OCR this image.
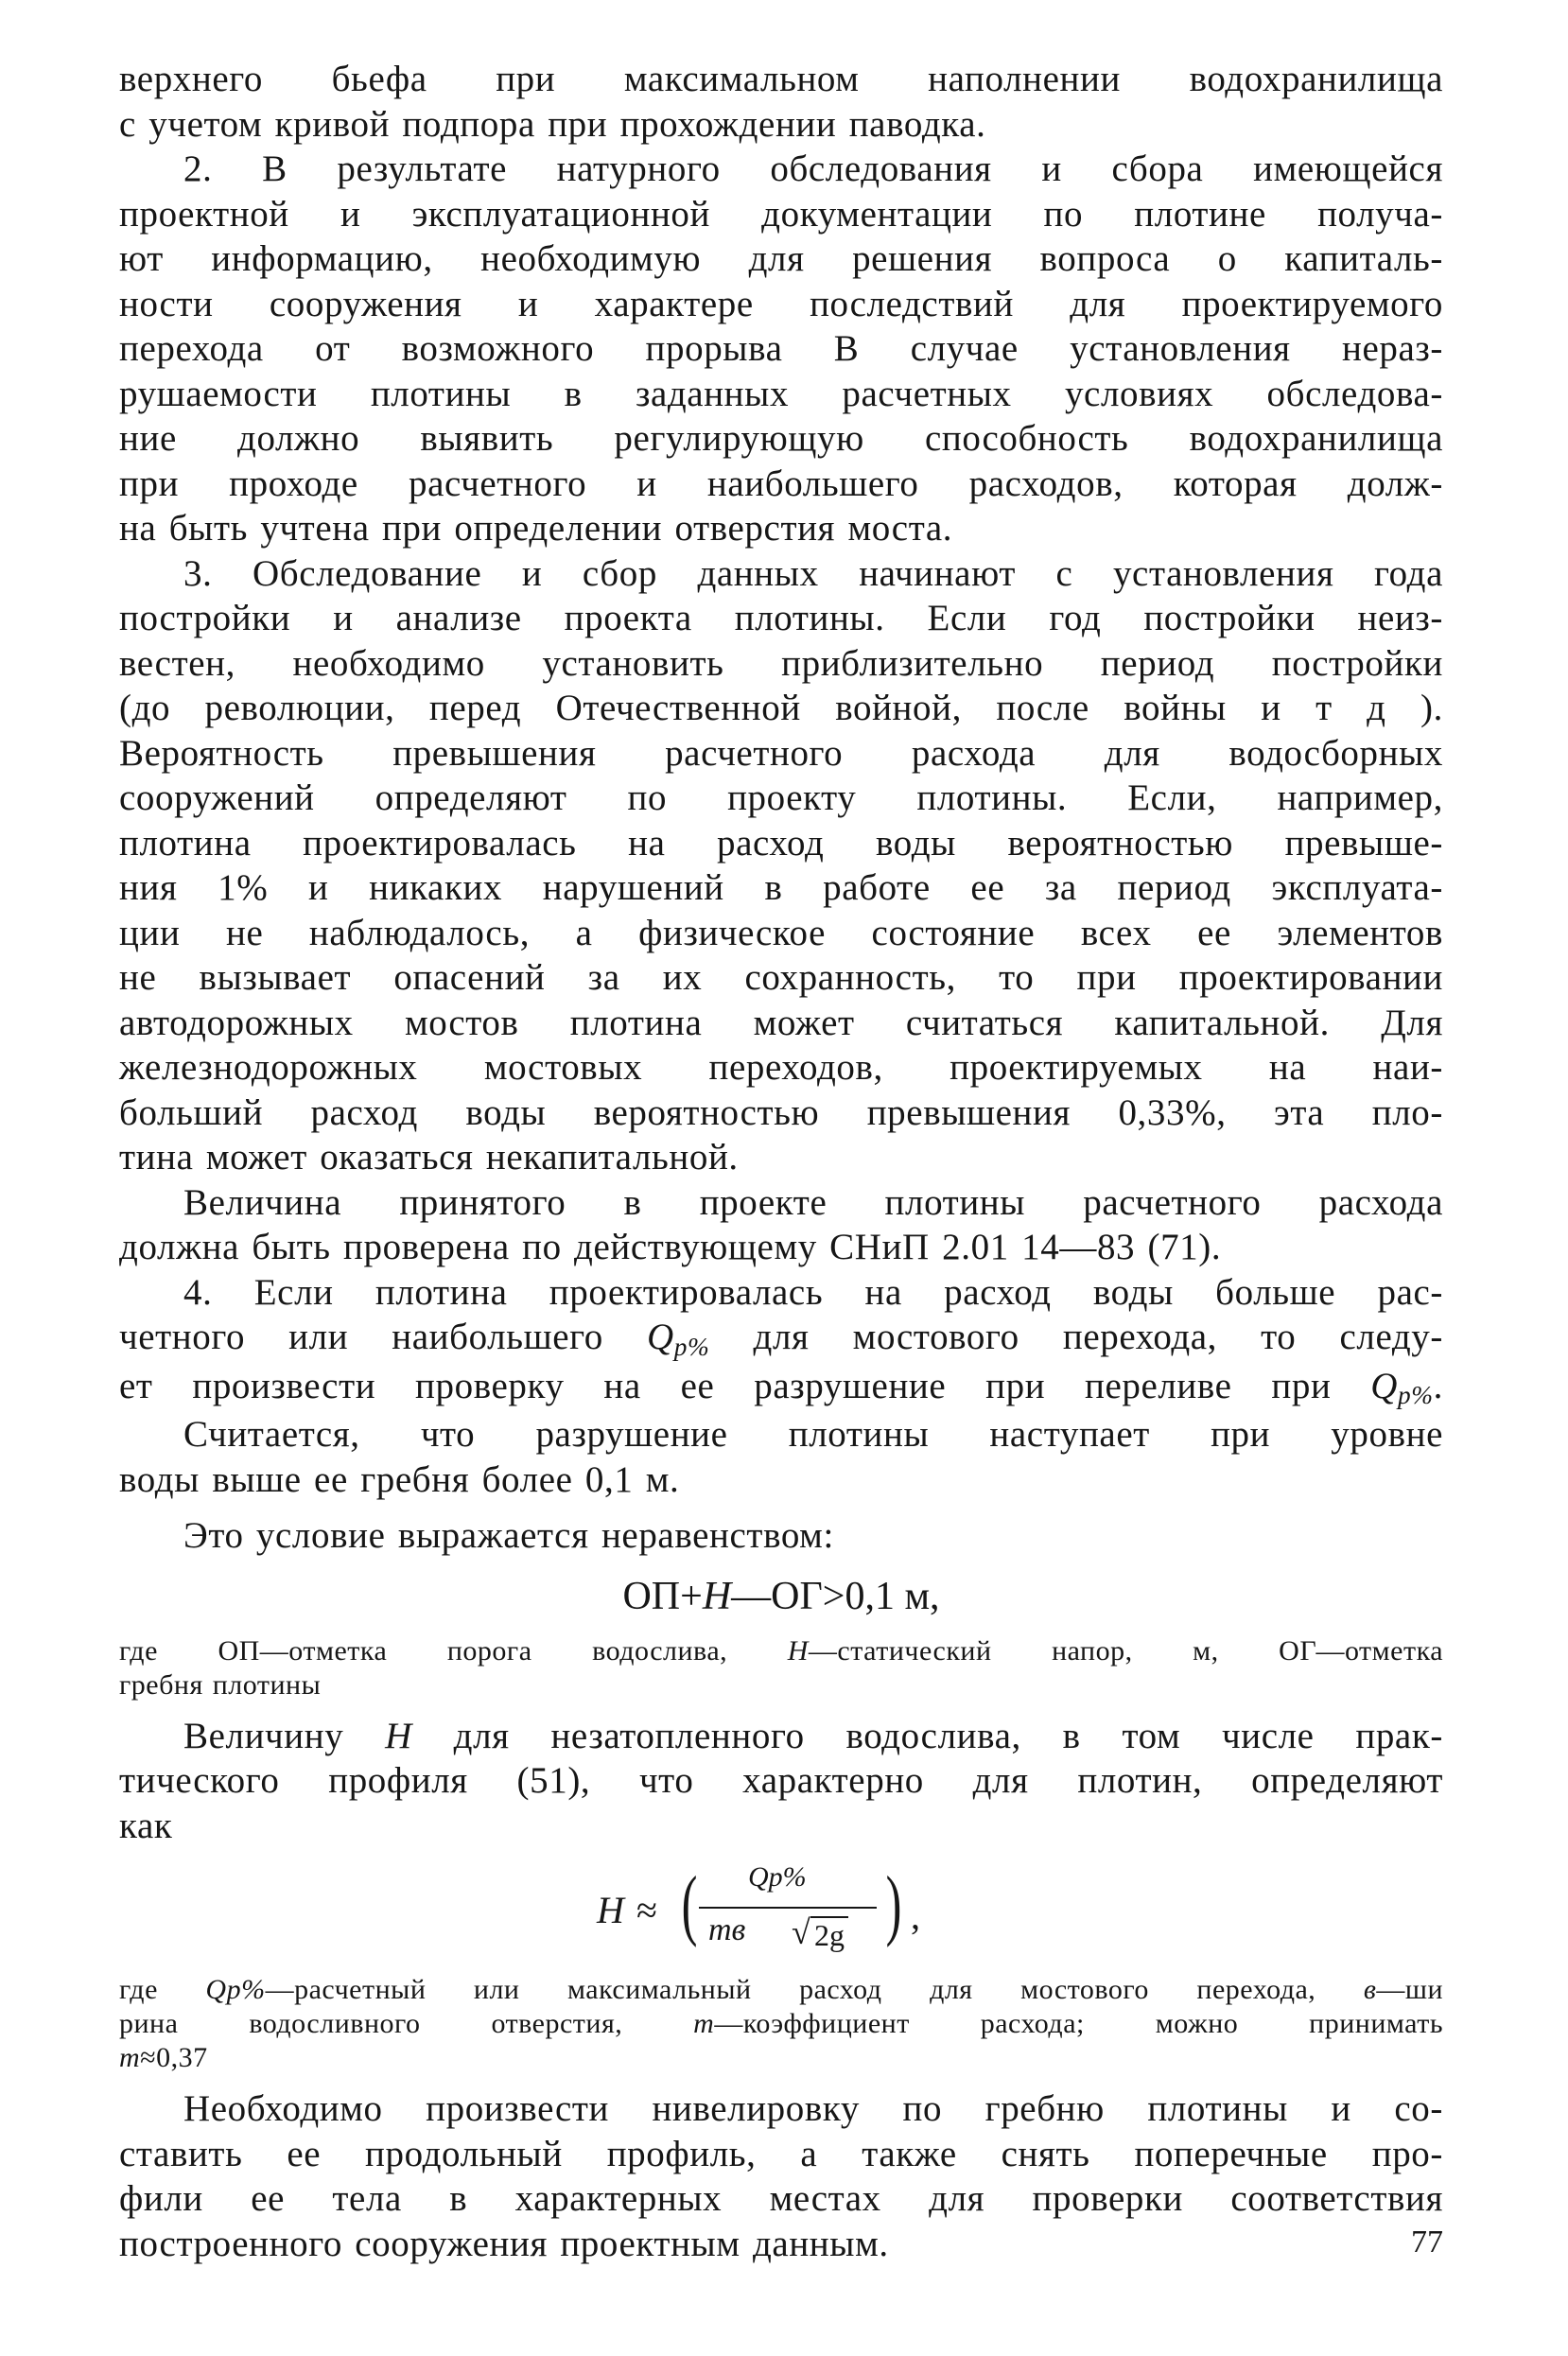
верхнего бьефа при максимальном наполнении водохранилища
с учетом кривой подпора при прохождении паводка.
2. В результате натурного обследования и сбора имеющейся
проектной и эксплуатационной документации по плотине получа-
ют информацию, необходимую для решения вопроса о капиталь-
ности сооружения и характере последствий для проектируемого
перехода от возможного прорыва В случае установления нераз-
рушаемости плотины в заданных расчетных условиях обследова-
ние должно выявить регулирующую способность водохранилища
при проходе расчетного и наибольшего расходов, которая долж-
на быть учтена при определении отверстия моста.
3. Обследование и сбор данных начинают с установления года
постройки и анализе проекта плотины. Если год постройки неиз-
вестен, необходимо установить приблизительно период постройки
(до революции, перед Отечественной войной, после войны и т д ).
Вероятность превышения расчетного расхода для водосборных
сооружений определяют по проекту плотины. Если, например,
плотина проектировалась на расход воды вероятностью превыше-
ния 1% и никаких нарушений в работе ее за период эксплуата-
ции не наблюдалось, а физическое состояние всех ее элементов
не вызывает опасений за их сохранность, то при проектировании
автодорожных мостов плотина может считаться капитальной. Для
железнодорожных мостовых переходов, проектируемых на наи-
больший расход воды вероятностью превышения 0,33%, эта пло-
тина может оказаться некапитальной.
Величина принятого в проекте плотины расчетного расхода
должна быть проверена по действующему СНиП 2.01 14—83 (71).
4. Если плотина проектировалась на расход воды больше рас-
четного или наибольшего Qp% для мостового перехода, то следу-
ет произвести проверку на ее разрушение при переливе при Qp%.
Считается, что разрушение плотины наступает при уровне
воды выше ее гребня более 0,1 м.
Это условие выражается неравенством:
ОП+H—ОГ>0,1 м,
где ОП—отметка порога водослива, H—статический напор, м, ОГ—отметка
гребня плотины
Величину H для незатопленного водослива, в том числе прак-
тического профиля (51), что характерно для плотин, определяют
как
H ≈ ( Qp%
mв √ 2g ) ,
где Qp%—расчетный или максимальный расход для мостового перехода, в—ши
рина водосливного отверстия, m—коэффициент расхода; можно принимать
m≈0,37
Необходимо произвести нивелировку по гребню плотины и со-
ставить ее продольный профиль, а также снять поперечные про-
фили ее тела в характерных местах для проверки соответствия
построенного сооружения проектным данным.	77
